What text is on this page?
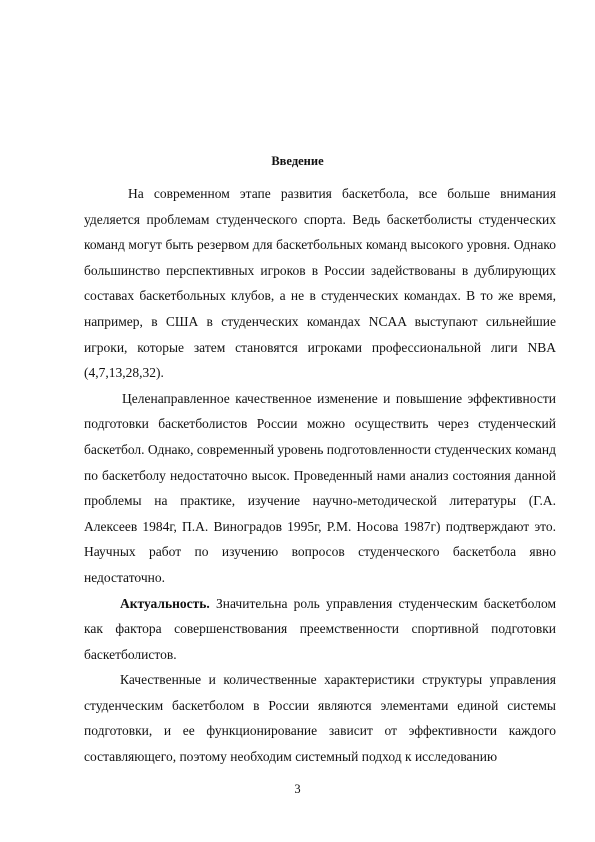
Введение

На современном этапе развития баскетбола, все больше внимания уделяется проблемам студенческого спорта. Ведь баскетболисты студенческих команд могут быть резервом для баскетбольных команд высокого уровня. Однако большинство перспективных игроков в России задействованы в дублирующих составах баскетбольных клубов, а не в студенческих командах. В то же время, например, в США в студенческих командах NCAA выступают сильнейшие игроки, которые затем становятся игроками профессиональной лиги NBA (4,7,13,28,32).

Целенаправленное качественное изменение и повышение эффективности подготовки баскетболистов России можно осуществить через студенческий баскетбол. Однако, современный уровень подготовленности студенческих команд по баскетболу недостаточно высок. Проведенный нами анализ состояния данной проблемы на практике, изучение научно-методической литературы (Г.А. Алексеев 1984г, П.А. Виноградов 1995г, Р.М. Носова 1987г) подтверждают это. Научных работ по изучению вопросов студенческого баскетбола явно недостаточно.

Актуальность. Значительна роль управления студенческим баскетболом как фактора совершенствования преемственности спортивной подготовки баскетболистов.

Качественные и количественные характеристики структуры управления студенческим баскетболом в России являются элементами единой системы подготовки, и ее функционирование зависит от эффективности каждого составляющего, поэтому необходим системный подход к исследованию

3
